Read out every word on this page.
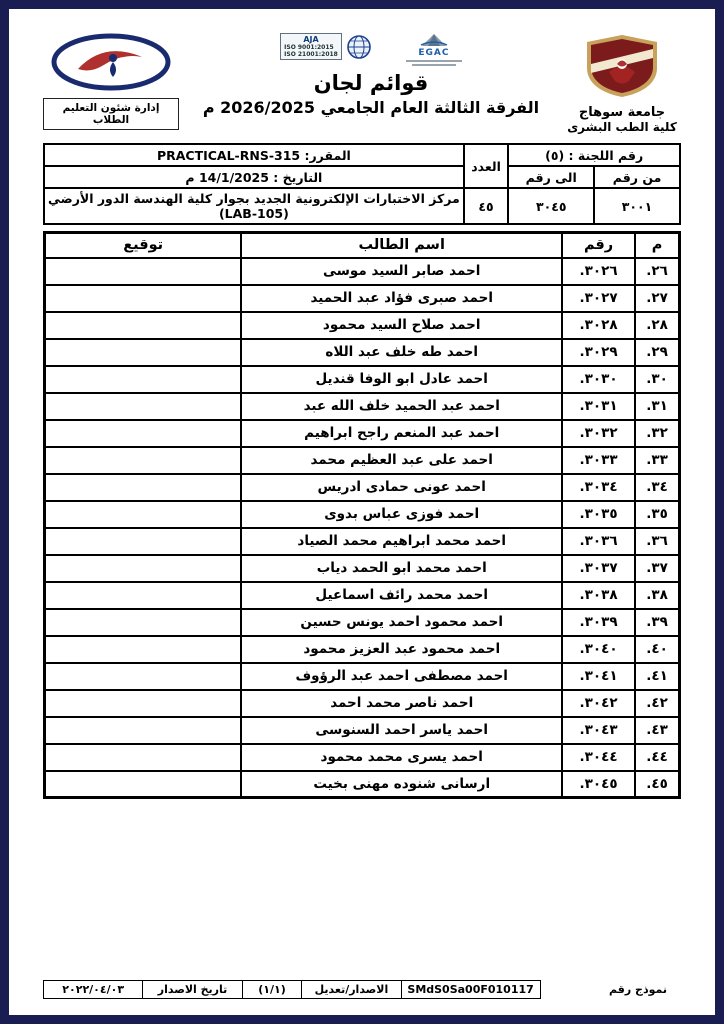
جامعة سوهاج
كلية الطب البشرى
EGAC
AJA
ISO 9001:2015
ISO 21001:2018
قوائم لجان
الفرقة الثالثة العام الجامعي 2026/2025 م
إدارة شئون التعليم الطلاب
رقم اللجنة : (٥)		العدد	المقرر: PRACTICAL-RNS-315
من رقم	الى رقم		التاريخ : 14/1/2025 م
٣٠٠١	٣٠٤٥	٤٥	مركز الاختبارات الإلكترونية الجديد بجوار كلية الهندسة الدور الأرضي (LAB-105)
م	رقم	اسم الطالب	توقيع
٢٦.	٣٠٢٦.	احمد صابر السيد موسى	
٢٧.	٣٠٢٧.	احمد صبرى فؤاد عبد الحميد	
٢٨.	٣٠٢٨.	احمد صلاح السيد محمود	
٢٩.	٣٠٢٩.	احمد طه خلف عبد اللاه	
٣٠.	٣٠٣٠.	احمد عادل ابو الوفا قنديل	
٣١.	٣٠٣١.	احمد عبد الحميد خلف الله عبد	
٣٢.	٣٠٣٢.	احمد عبد المنعم راجح ابراهيم	
٣٣.	٣٠٣٣.	احمد على عبد العظيم محمد	
٣٤.	٣٠٣٤.	احمد عونى حمادى ادريس	
٣٥.	٣٠٣٥.	احمد فوزى عباس بدوى	
٣٦.	٣٠٣٦.	احمد محمد ابراهيم محمد الصياد	
٣٧.	٣٠٣٧.	احمد محمد ابو الحمد دياب	
٣٨.	٣٠٣٨.	احمد محمد رائف اسماعيل	
٣٩.	٣٠٣٩.	احمد محمود احمد يونس حسين	
٤٠.	٣٠٤٠.	احمد محمود عبد العزيز محمود	
٤١.	٣٠٤١.	احمد مصطفى احمد عبد الرؤوف	
٤٢.	٣٠٤٢.	احمد ناصر محمد احمد	
٤٣.	٣٠٤٣.	احمد ياسر احمد السنوسى	
٤٤.	٣٠٤٤.	احمد يسرى محمد محمود	
٤٥.	٣٠٤٥.	ارسانى شنوده مهنى بخيت	
نموذج رقم
SMdS0Sa00F010117	الاصدار/تعديل	(١/١)	تاريخ الاصدار	٢٠٢٢/٠٤/٠٣
